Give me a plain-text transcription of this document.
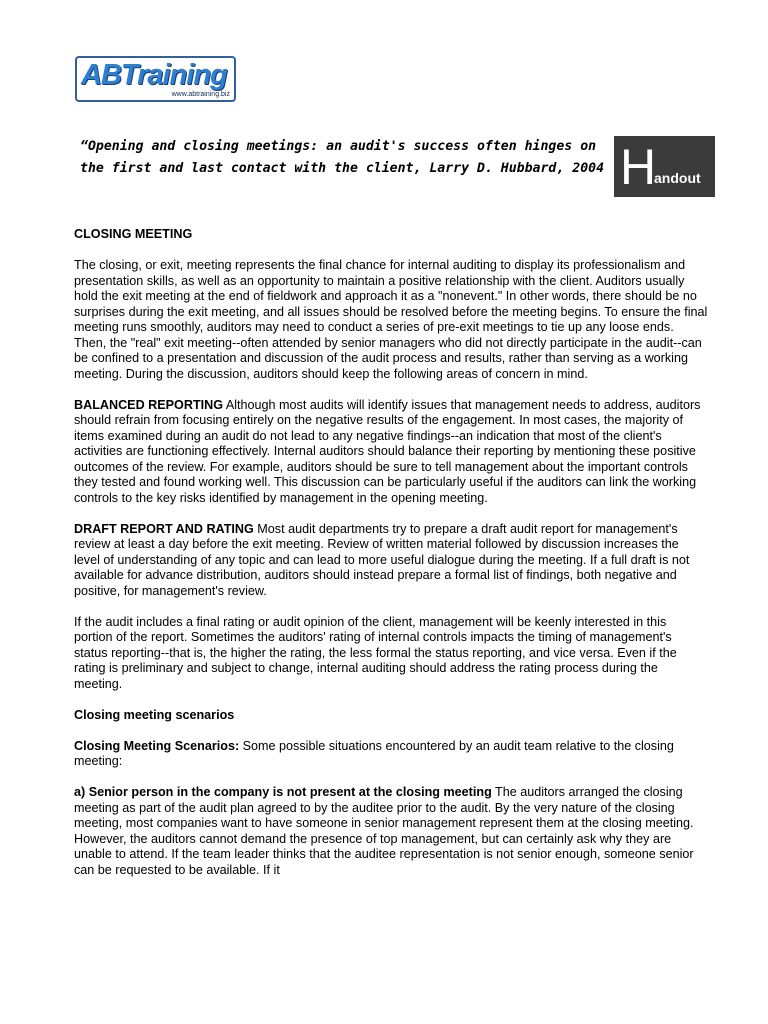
ABTraining
www.abtraining.biz

“Opening and closing meetings: an audit's success often hinges on the first and last contact with the client, Larry D. Hubbard, 2004 H
andout

CLOSING MEETING

The closing, or exit, meeting represents the final chance for internal auditing to display its professionalism and presentation skills, as well as an opportunity to maintain a positive relationship with the client. Auditors usually hold the exit meeting at the end of fieldwork and approach it as a "nonevent." In other words, there should be no surprises during the exit meeting, and all issues should be resolved before the meeting begins. To ensure the final meeting runs smoothly, auditors may need to conduct a series of pre-exit meetings to tie up any loose ends. Then, the "real" exit meeting--often attended by senior managers who did not directly participate in the audit--can be confined to a presentation and discussion of the audit process and results, rather than serving as a working meeting. During the discussion, auditors should keep the following areas of concern in mind.

BALANCED REPORTING Although most audits will identify issues that management needs to address, auditors should refrain from focusing entirely on the negative results of the engagement. In most cases, the majority of items examined during an audit do not lead to any negative findings--an indication that most of the client's activities are functioning effectively. Internal auditors should balance their reporting by mentioning these positive outcomes of the review. For example, auditors should be sure to tell management about the important controls they tested and found working well. This discussion can be particularly useful if the auditors can link the working controls to the key risks identified by management in the opening meeting.

DRAFT REPORT AND RATING Most audit departments try to prepare a draft audit report for management's review at least a day before the exit meeting. Review of written material followed by discussion increases the level of understanding of any topic and can lead to more useful dialogue during the meeting. If a full draft is not available for advance distribution, auditors should instead prepare a formal list of findings, both negative and positive, for management's review.

If the audit includes a final rating or audit opinion of the client, management will be keenly interested in this portion of the report. Sometimes the auditors' rating of internal controls impacts the timing of management's status reporting--that is, the higher the rating, the less formal the status reporting, and vice versa. Even if the rating is preliminary and subject to change, internal auditing should address the rating process during the meeting.

Closing meeting scenarios

Closing Meeting Scenarios: Some possible situations encountered by an audit team relative to the closing meeting:

a) Senior person in the company is not present at the closing meeting The auditors arranged the closing meeting as part of the audit plan agreed to by the auditee prior to the audit. By the very nature of the closing meeting, most companies want to have someone in senior management represent them at the closing meeting. However, the auditors cannot demand the presence of top management, but can certainly ask why they are unable to attend. If the team leader thinks that the auditee representation is not senior enough, someone senior can be requested to be available. If it
